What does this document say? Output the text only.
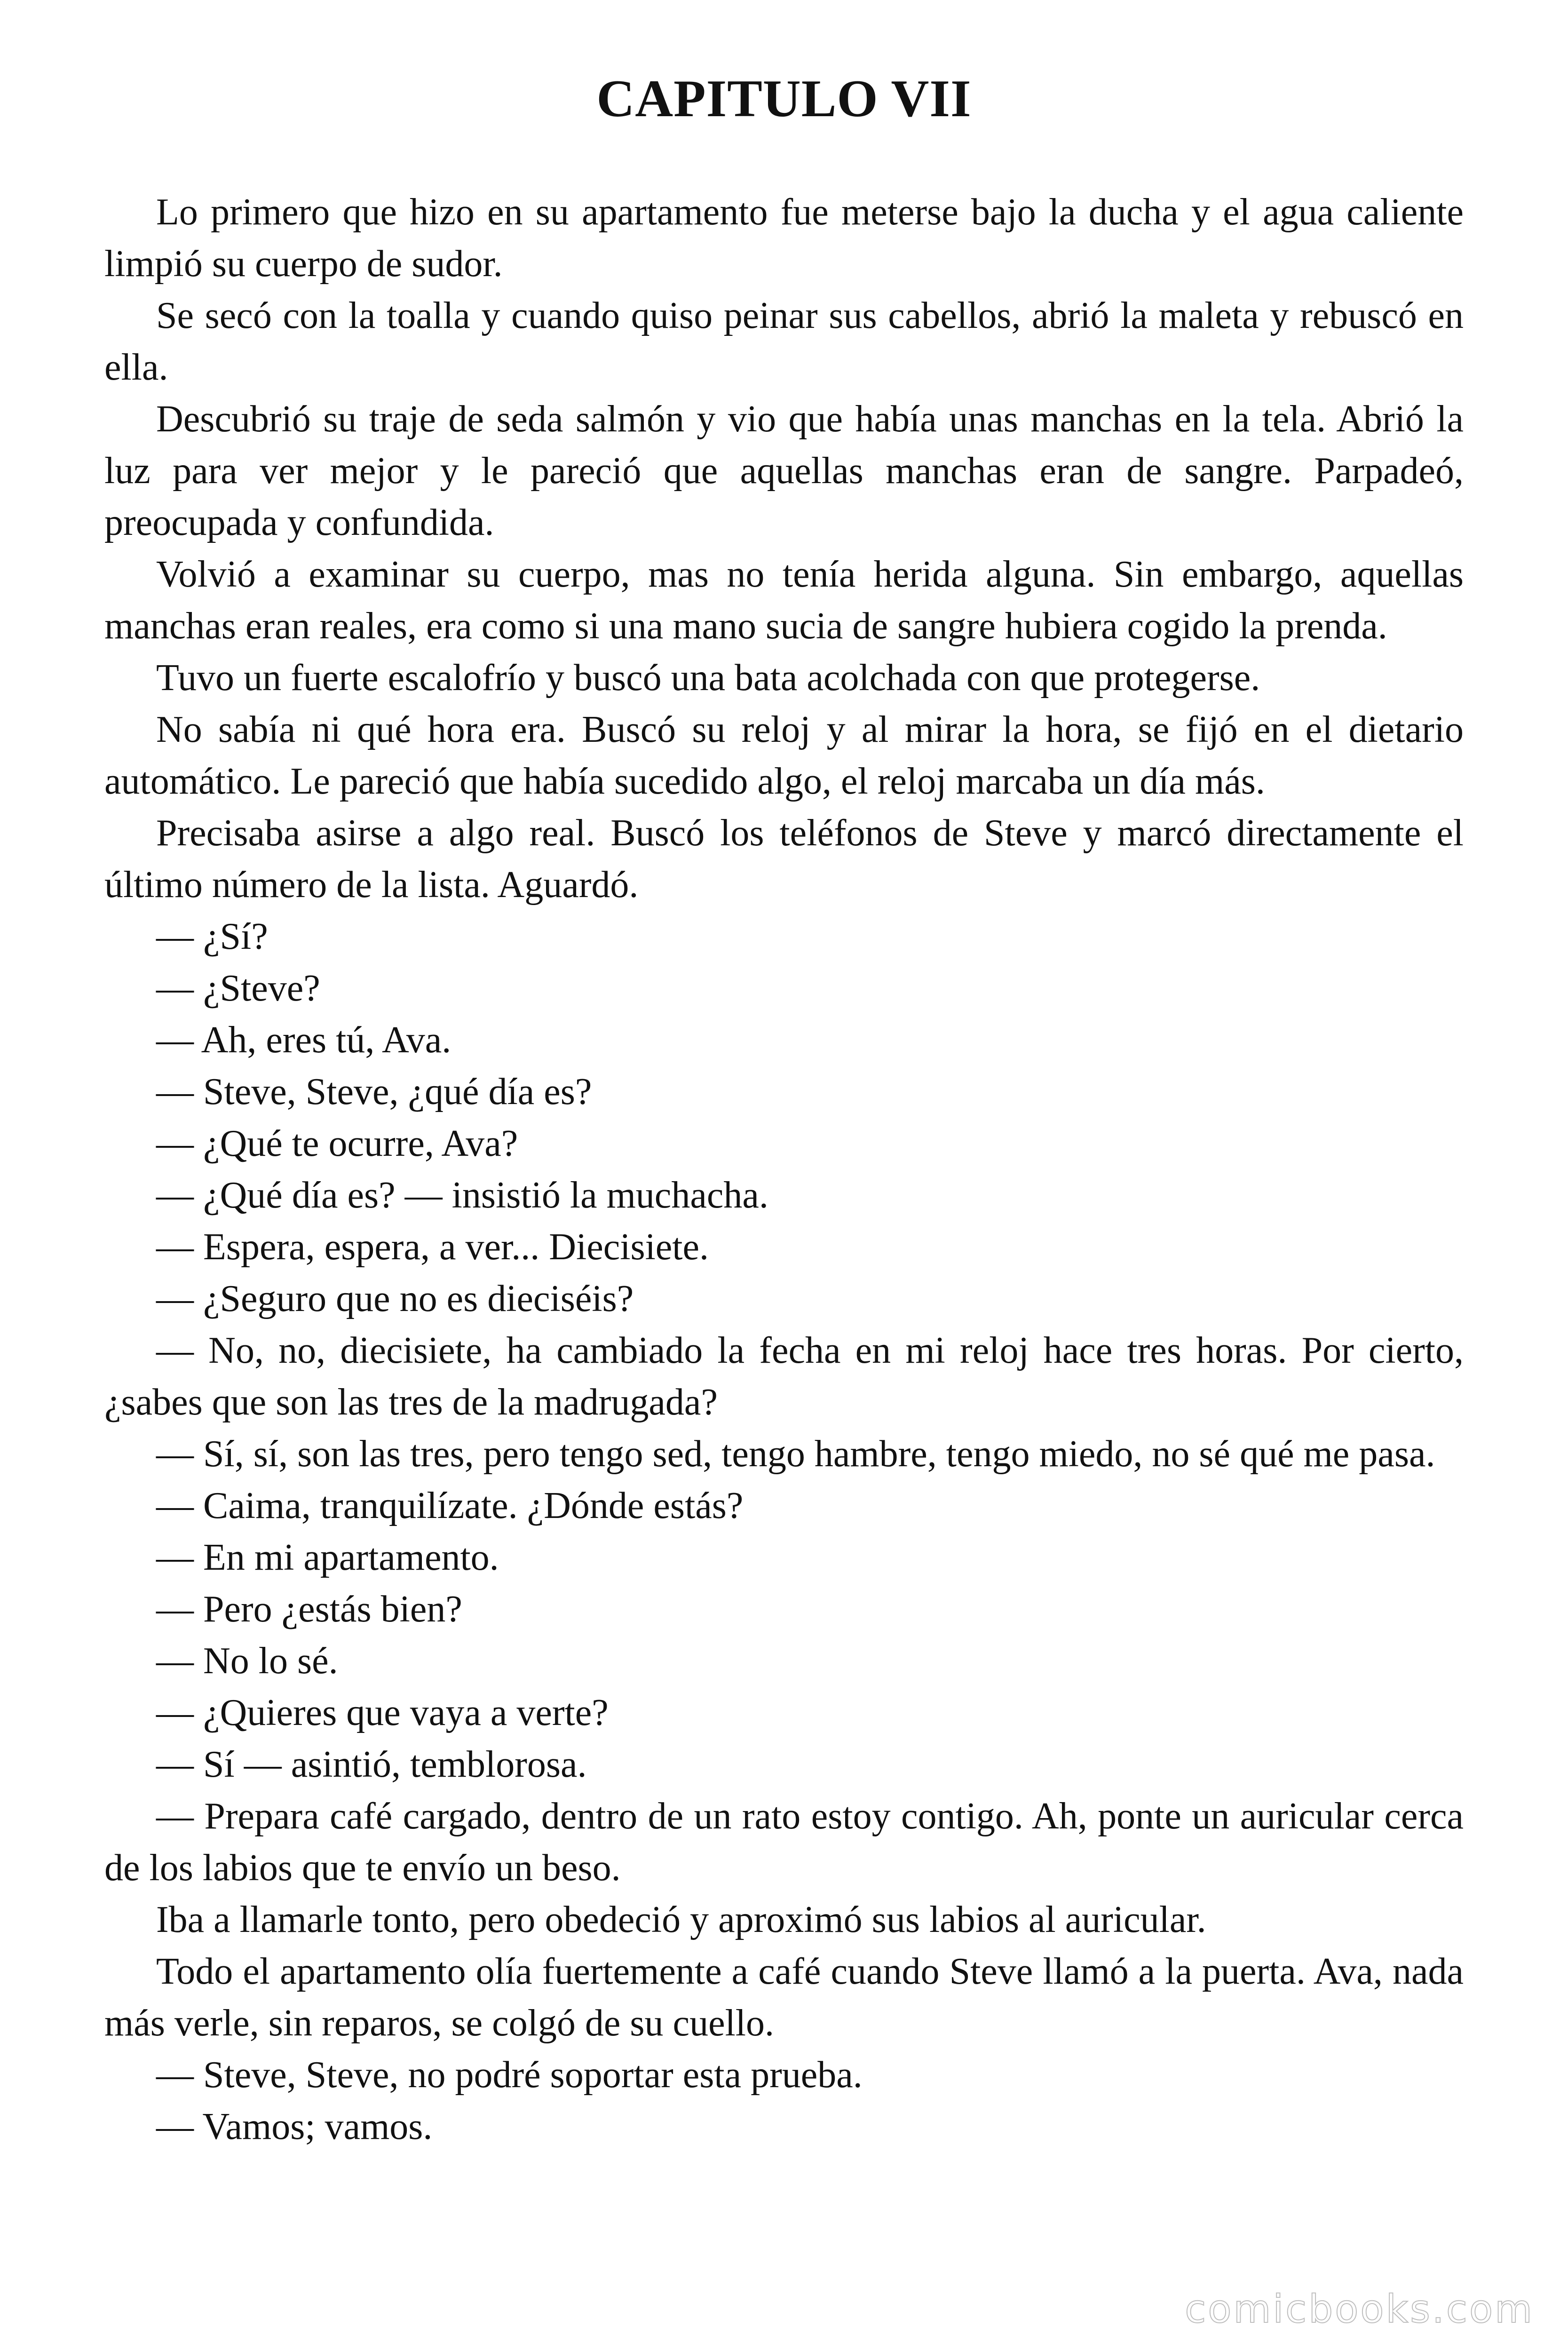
CAPITULO VII

Lo primero que hizo en su apartamento fue meterse bajo la ducha y el agua caliente limpió su cuerpo de sudor.

Se secó con la toalla y cuando quiso peinar sus cabellos, abrió la maleta y rebuscó en ella.

Descubrió su traje de seda salmón y vio que había unas manchas en la tela. Abrió la luz para ver mejor y le pareció que aquellas manchas eran de sangre. Parpadeó, preocupada y confundida.

Volvió a examinar su cuerpo, mas no tenía herida alguna. Sin embargo, aquellas manchas eran reales, era como si una mano sucia de sangre hubiera cogido la prenda.

Tuvo un fuerte escalofrío y buscó una bata acolchada con que protegerse.

No sabía ni qué hora era. Buscó su reloj y al mirar la hora, se fijó en el dietario automático. Le pareció que había sucedido algo, el reloj marcaba un día más.

Precisaba asirse a algo real. Buscó los teléfonos de Steve y marcó directamente el último número de la lista. Aguardó.

— ¿Sí?

— ¿Steve?

— Ah, eres tú, Ava.

— Steve, Steve, ¿qué día es?

— ¿Qué te ocurre, Ava?

— ¿Qué día es? — insistió la muchacha.

— Espera, espera, a ver... Diecisiete.

— ¿Seguro que no es dieciséis?

— No, no, diecisiete, ha cambiado la fecha en mi reloj hace tres horas. Por cierto, ¿sabes que son las tres de la madrugada?

— Sí, sí, son las tres, pero tengo sed, tengo hambre, tengo miedo, no sé qué me pasa.

— Caima, tranquilízate. ¿Dónde estás?

— En mi apartamento.

— Pero ¿estás bien?

— No lo sé.

— ¿Quieres que vaya a verte?

— Sí — asintió, temblorosa.

— Prepara café cargado, dentro de un rato estoy contigo. Ah, ponte un auricular cerca de los labios que te envío un beso.

Iba a llamarle tonto, pero obedeció y aproximó sus labios al auricular.

Todo el apartamento olía fuertemente a café cuando Steve llamó a la puerta. Ava, nada más verle, sin reparos, se colgó de su cuello.

— Steve, Steve, no podré soportar esta prueba.

— Vamos; vamos.

comicbooks.com
